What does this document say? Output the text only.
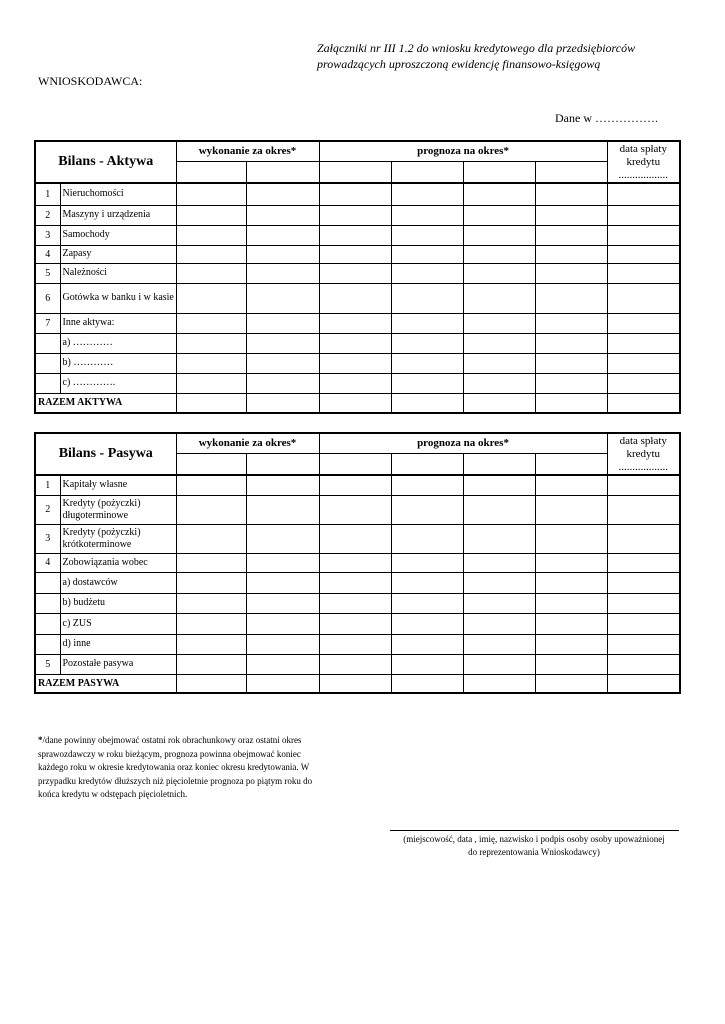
Załączniki nr III 1.2 do wniosku kredytowego dla przedsiębiorców
prowadzących uproszczoną ewidencję finansowo-księgową
WNIOSKODAWCA:
Dane w …………….
Bilans - Aktywa		wykonanie za okres*		prognoza na okres*				data spłaty
kredytu
..................

1	Nieruchomości							
2	Maszyny i urządzenia							
3	Samochody							
4	Zapasy							
5	Należności							
6	Gotówka w banku i w kasie							
7	Inne aktywa:							
	a) …………							
	b) …………							
	c) ………….							
RAZEM AKTYWA								
Bilans - Pasywa		wykonanie za okres*		prognoza na okres*				data spłaty
kredytu
..................

1	Kapitały własne							
2	Kredyty (pożyczki) długoterminowe							
3	Kredyty (pożyczki) krótkoterminowe							
4	Zobowiązania wobec							
	a) dostawców							
	b) budżetu							
	c) ZUS							
	d) inne							
5	Pozostałe pasywa							
RAZEM PASYWA								
*/dane powinny obejmować ostatni rok obrachunkowy oraz ostatni okres sprawozdawczy w roku bieżącym, prognoza powinna obejmować koniec każdego roku w okresie kredytowania oraz koniec okresu kredytowania. W przypadku kredytów dłuższych niż pięcioletnie prognoza po piątym roku do końca kredytu w odstępach pięcioletnich.
(miejscowość, data , imię, nazwisko i podpis osoby osoby upoważnionej
do reprezentowania Wnioskodawcy)
